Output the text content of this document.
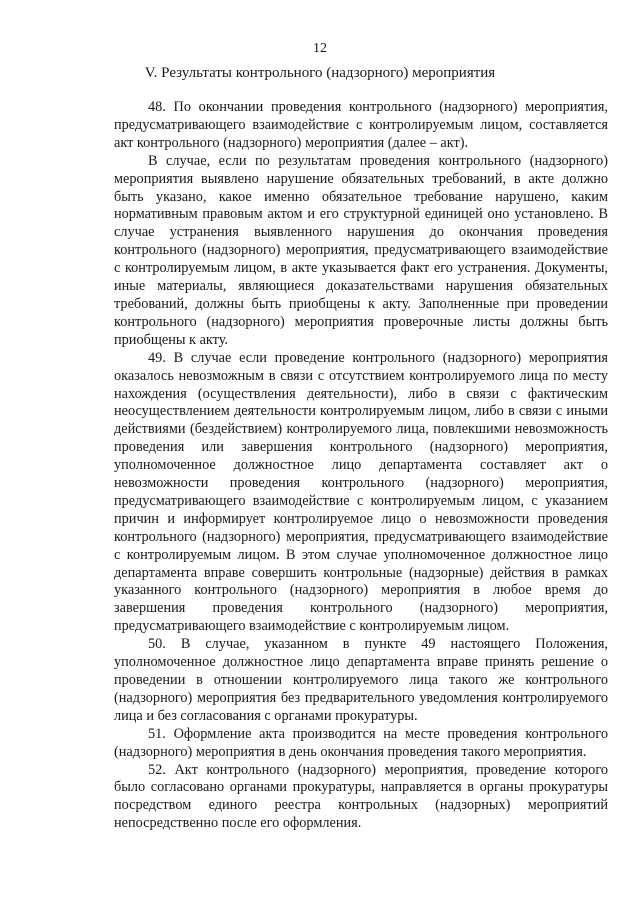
12
V. Результаты контрольного (надзорного) мероприятия

48. По окончании проведения контрольного (надзорного) мероприятия, предусматривающего взаимодействие с контролируемым лицом, составляется акт контрольного (надзорного) мероприятия (далее – акт).

В случае, если по результатам проведения контрольного (надзорного) мероприятия выявлено нарушение обязательных требований, в акте должно быть указано, какое именно обязательное требование нарушено, каким нормативным правовым актом и его структурной единицей оно установлено. В случае устранения выявленного нарушения до окончания проведения контрольного (надзорного) мероприятия, предусматривающего взаимодействие с контролируемым лицом, в акте указывается факт его устранения. Документы, иные материалы, являющиеся доказательствами нарушения обязательных требований, должны быть приобщены к акту. Заполненные при проведении контрольного (надзорного) мероприятия проверочные листы должны быть приобщены к акту.

49. В случае если проведение контрольного (надзорного) мероприятия оказалось невозможным в связи с отсутствием контролируемого лица по месту нахождения (осуществления деятельности), либо в связи с фактическим неосуществлением деятельности контролируемым лицом, либо в связи с иными действиями (бездействием) контролируемого лица, повлекшими невозможность проведения или завершения контрольного (надзорного) мероприятия, уполномоченное должностное лицо департамента составляет акт о невозможности проведения контрольного (надзорного) мероприятия, предусматривающего взаимодействие с контролируемым лицом, с указанием причин и информирует контролируемое лицо о невозможности проведения контрольного (надзорного) мероприятия, предусматривающего взаимодействие с контролируемым лицом. В этом случае уполномоченное должностное лицо департамента вправе совершить контрольные (надзорные) действия в рамках указанного контрольного (надзорного) мероприятия в любое время до завершения проведения контрольного (надзорного) мероприятия, предусматривающего взаимодействие с контролируемым лицом.

50. В случае, указанном в пункте 49 настоящего Положения, уполномоченное должностное лицо департамента вправе принять решение о проведении в отношении контролируемого лица такого же контрольного (надзорного) мероприятия без предварительного уведомления контролируемого лица и без согласования с органами прокуратуры.

51. Оформление акта производится на месте проведения контрольного (надзорного) мероприятия в день окончания проведения такого мероприятия.

52. Акт контрольного (надзорного) мероприятия, проведение которого было согласовано органами прокуратуры, направляется в органы прокуратуры посредством единого реестра контрольных (надзорных) мероприятий непосредственно после его оформления.
